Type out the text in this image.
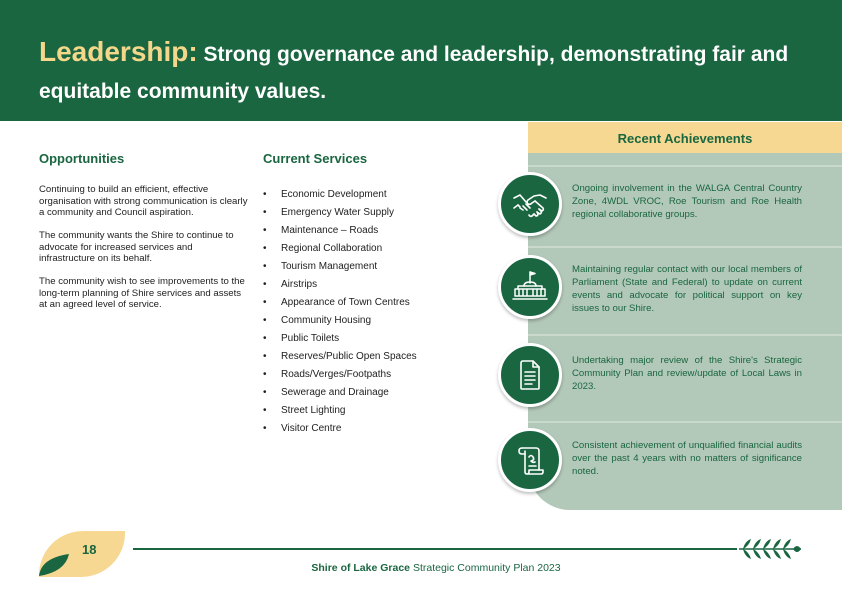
Leadership: Strong governance and leadership, demonstrating fair and equitable community values.
Opportunities

Continuing to build an efficient, effective organisation with strong communication is clearly a community and Council aspiration.

The community wants the Shire to continue to advocate for increased services and infrastructure on its behalf.

The community wish to see improvements to the long-term planning of Shire services and assets at an agreed level of service.

Current Services
• Economic Development
• Emergency Water Supply
• Maintenance – Roads
• Regional Collaboration
• Tourism Management
• Airstrips
• Appearance of Town Centres
• Community Housing
• Public Toilets
• Reserves/Public Open Spaces
• Roads/Verges/Footpaths
• Sewerage and Drainage
• Street Lighting
• Visitor Centre
Recent Achievements
Ongoing involvement in the WALGA Central Country Zone, 4WDL VROC, Roe Tourism and Roe Health regional collaborative groups.
Maintaining regular contact with our local members of Parliament (State and Federal) to update on current events and advocate for political support on key issues to our Shire.
Undertaking major review of the Shire's Strategic Community Plan and review/update of Local Laws in 2023.
Consistent achievement of unqualified financial audits over the past 4 years with no matters of significance noted.
18
Shire of Lake Grace Strategic Community Plan 2023
